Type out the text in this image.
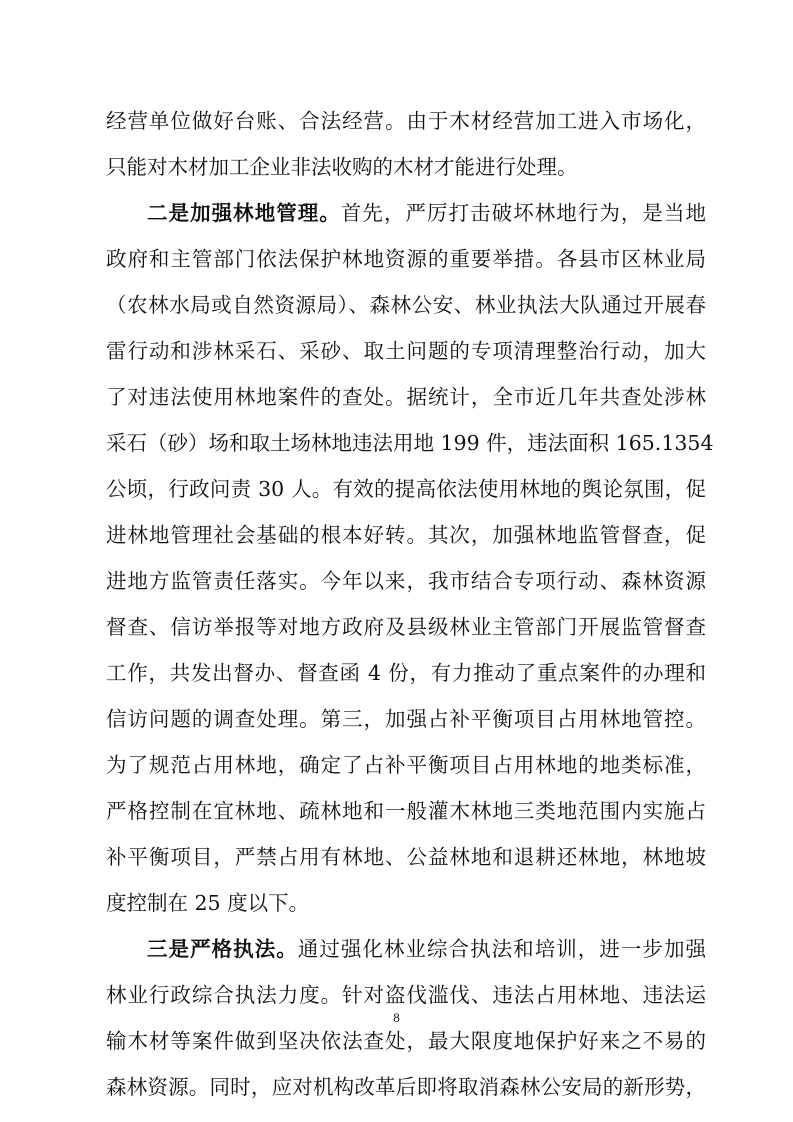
经营单位做好台账、合法经营。由于木材经营加工进入市场化，
只能对木材加工企业非法收购的木材才能进行处理。
二是加强林地管理。首先，严厉打击破坏林地行为，是当地
政府和主管部门依法保护林地资源的重要举措。各县市区林业局
（农林水局或自然资源局）、森林公安、林业执法大队通过开展春
雷行动和涉林采石、采砂、取土问题的专项清理整治行动，加大
了对违法使用林地案件的查处。据统计，全市近几年共查处涉林
采石（砂）场和取土场林地违法用地 199 件，违法面积 165.1354
公顷，行政问责 30 人。有效的提高依法使用林地的舆论氛围，促
进林地管理社会基础的根本好转。其次，加强林地监管督查，促
进地方监管责任落实。今年以来，我市结合专项行动、森林资源
督查、信访举报等对地方政府及县级林业主管部门开展监管督查
工作，共发出督办、督查函 4 份，有力推动了重点案件的办理和
信访问题的调查处理。第三，加强占补平衡项目占用林地管控。
为了规范占用林地，确定了占补平衡项目占用林地的地类标准，
严格控制在宜林地、疏林地和一般灌木林地三类地范围内实施占
补平衡项目，严禁占用有林地、公益林地和退耕还林地，林地坡
度控制在 25 度以下。
三是严格执法。通过强化林业综合执法和培训，进一步加强
林业行政综合执法力度。针对盗伐滥伐、违法占用林地、违法运
输木材等案件做到坚决依法查处，最大限度地保护好来之不易的
森林资源。同时，应对机构改革后即将取消森林公安局的新形势，
8
